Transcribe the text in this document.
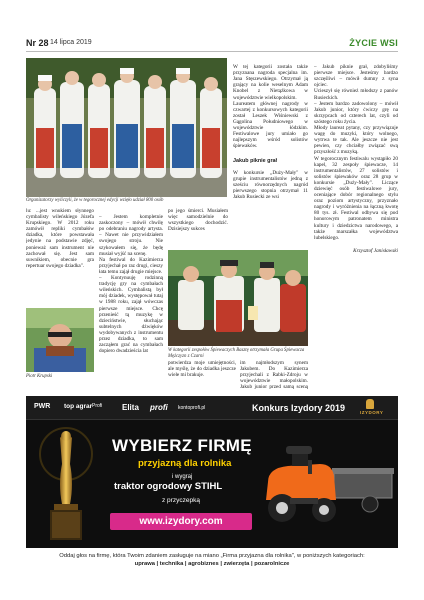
Nr 28 14 lipca 2019	ŻYCIE WSI
Organizatorzy wyliczyli, że w tegorocznej edycji wzięło udział 800 osób

lu: ...jest wnukiem słynnego cymbalisty wileńskiego Józefa Krupskiego. W 2012 roku zamówił repliki cymbałów dziadka, które powstawała jedynie na podstawie zdjęć, ponieważ sam instrument nie zachował się. Jest sam suwnikiem, obecnie gra repertuar swojego dziadka".

Piotr Krupski

– Jestem kompletnie zaskoczony – mówił chwilę po odebraniu nagrody artysta. – Nawet nie przywidziałem swojego stroju. Nie szykowałem się, że będę musiał wyjść na scenę.
Na festiwal do Kazimierza przyjechał po raz drugi, cieszy łata temu zajął drugie miejsce.
– Kontynuuję rodzinną tradycję gry na cymbałach wileńskich. Cymbalistą był mój dziadek, występował tutaj w 1988 roku, zajął wówczas pierwsze miejsce. Chcę przenieść tą muzykę w dzieciństwie, słuchając subtelnych dźwięków wydobywanych z instrumentu przez dziadka, to sam zacząłem grać na cymbałach dopiero dwadzieścia lat

po jego śmierci. Musiałem więc samodzielnie do wszystkiego dochodzić. Dzisiejszy sukces

W kategorii zespołów Śpiewaczych Basztę otrzymała Grupa Śpiewacza Mężczyzn z Czarni

potwierdza moje umiejętności, ale myślę, że do dziadka jeszcze wiele mi brakuje.

W tej kategorii została także przyznana nagroda specjalna im. Jana Stęszewskiego. Otrzymał ją grający na kolie weselnym Adam Knobel z Nietążkowa w województwie wielkopolskim.
Laureatem głównej nagrody w czwartej z konkursowych kategorii został Leszek Wiśniewski z Gągolina Południowego w województwie łódzkim. Festiwalowe jury umiało go najlepszym wśród solistów śpiewaków.

Jakub piknie grał

W konkursie „Duży-Mały" w grupie instrumentalistów jedną z sześciu równorzędnych nagród pierwszego stopnia otrzymał 11 Jakub Rusiecki ze wsi

im najmłodszym synem Jakubem. Do Kazimierza przyjechali z Rabki-Zdroju w województwie małopolskim. Jakub junior przed samą sceną

– Jakub piknie grał, zdobyliśmy pierwsze miejsce. Jesteśmy bardzo szczęśliwi – mówił dumny z syna ojciec.
Ucieszył się również młodszy z panów Rusieckich.
– Jestem bardzo zadowolony – mówił Jakub junior, który ćwiczy grę na skrzypcach od czterech lat, czyli od szóstego roku życia.
Młody laureat pytany, czy przywiązuje wagę do muzyki, który wolnego, wytrwa te tak. Ale jeszcze nie jest pewien, czy chciałby związać swą przyszłość z muzyką.
W tegorocznym festiwalu wystąpiło 20 kapel, 32 zespoły śpiewacze, 14 instrumentalistów, 27 solistów i solistów śpiewaków oraz 28 grup w konkursie „Duży-Mały". Liczące dziewięć osób festiwalowe jury, oceniające dobór regionalnego stylu oraz poziom artystyczny, przyznało nagrody i wyróżnienia na łączną kwotę 80 tys. zł. Festiwal odbywa się pod honorowym patronatem ministra kultury i dziedzictwa narodowego, a także marszałka województwa lubelskiego.

Krzysztof Janisławski

PWR top agrar Profi Elita profi kontoprofi.pl	Konkurs Izydory 2019	IZYDORY
WYBIERZ FIRMĘ
przyjazną dla rolnika
i wygraj
traktor ogrodowy STIHL
z przyczepką
www.izydory.com
Oddaj głos na firmę, która Twoim zdaniem zasługuje na miano „Firma przyjazna dla rolnika", w poniższych kategoriach:
uprawa | technika | agrobiznes | zwierzęta | pozarolnicze
